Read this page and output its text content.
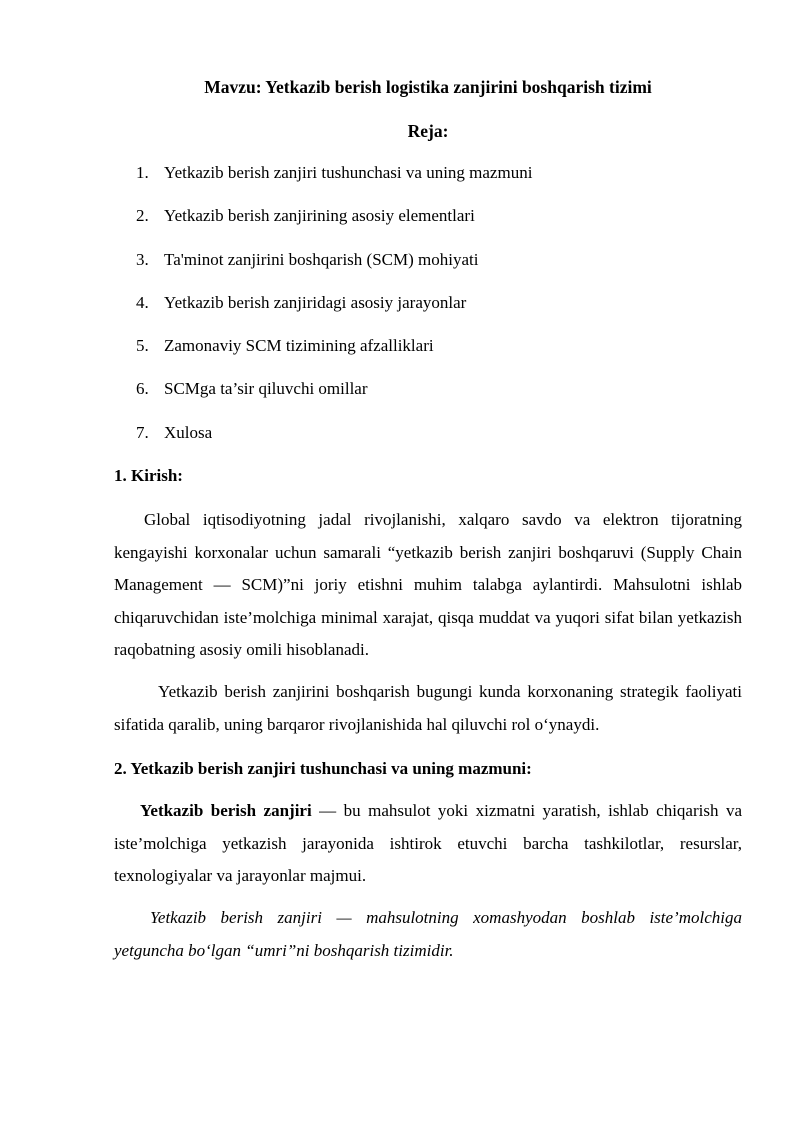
Mavzu: Yetkazib berish logistika zanjirini boshqarish tizimi
Reja:
1. Yetkazib berish zanjiri tushunchasi va uning mazmuni
2. Yetkazib berish zanjirining asosiy elementlari
3. Ta'minot zanjirini boshqarish (SCM) mohiyati
4. Yetkazib berish zanjiridagi asosiy jarayonlar
5. Zamonaviy SCM tizimining afzalliklari
6. SCMga ta’sir qiluvchi omillar
7. Xulosa
1. Kirish:

Global iqtisodiyotning jadal rivojlanishi, xalqaro savdo va elektron tijoratning kengayishi korxonalar uchun samarali “yetkazib berish zanjiri boshqaruvi (Supply Chain Management — SCM)”ni joriy etishni muhim talabga aylantirdi. Mahsulotni ishlab chiqaruvchidan iste’molchiga minimal xarajat, qisqa muddat va yuqori sifat bilan yetkazish raqobatning asosiy omili hisoblanadi.

Yetkazib berish zanjirini boshqarish bugungi kunda korxonaning strategik faoliyati sifatida qaralib, uning barqaror rivojlanishida hal qiluvchi rol o‘ynaydi.

2. Yetkazib berish zanjiri tushunchasi va uning mazmuni:

Yetkazib berish zanjiri — bu mahsulot yoki xizmatni yaratish, ishlab chiqarish va iste’molchiga yetkazish jarayonida ishtirok etuvchi barcha tashkilotlar, resurslar, texnologiyalar va jarayonlar majmui.

Yetkazib berish zanjiri — mahsulotning xomashyodan boshlab iste’molchiga yetguncha bo‘lgan “umri”ni boshqarish tizimidir.
